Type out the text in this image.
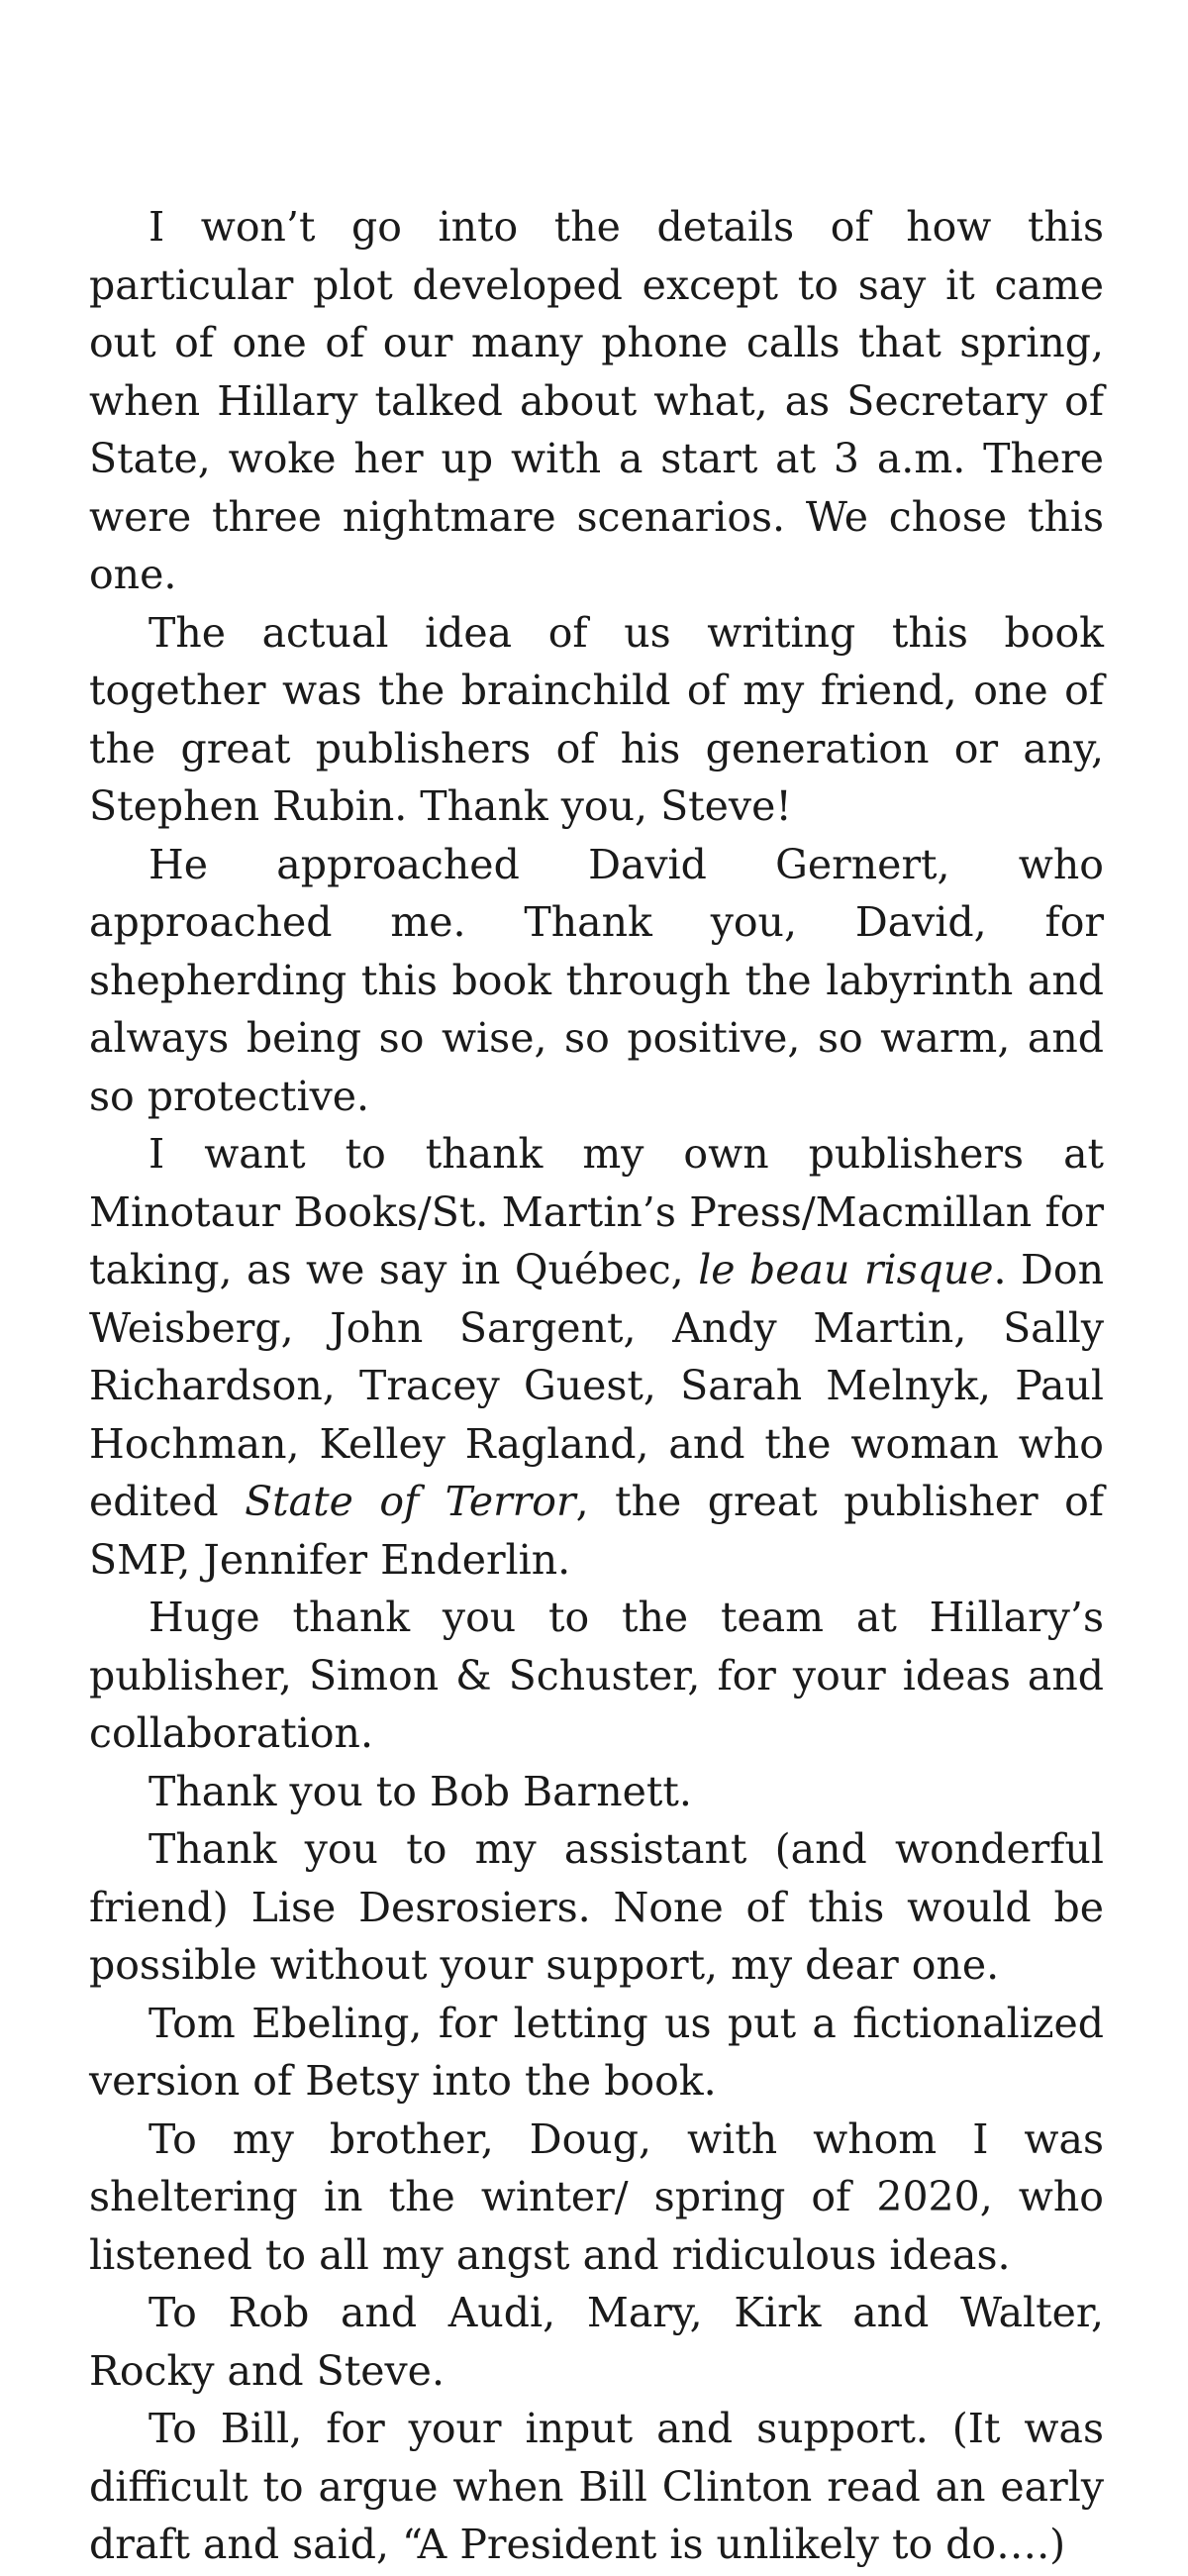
I won’t go into the details of how this particular plot developed except to say it came out of one of our many phone calls that spring, when Hillary talked about what, as Secretary of State, woke her up with a start at 3 a.m. There were three nightmare scenarios. We chose this one.

The actual idea of us writing this book together was the brainchild of my friend, one of the great publishers of his generation or any, Stephen Rubin. Thank you, Steve!

He approached David Gernert, who approached me. Thank you, David, for shepherding this book through the labyrinth and always being so wise, so positive, so warm, and so protective.

I want to thank my own publishers at Minotaur Books/St. Martin’s Press/Macmillan for taking, as we say in Québec, le beau risque. Don Weisberg, John Sargent, Andy Martin, Sally Richardson, Tracey Guest, Sarah Melnyk, Paul Hochman, Kelley Ragland, and the woman who edited State of Terror, the great publisher of SMP, Jennifer Enderlin.

Huge thank you to the team at Hillary’s publisher, Simon & Schuster, for your ideas and collaboration.

Thank you to Bob Barnett.

Thank you to my assistant (and wonderful friend) Lise Desrosiers. None of this would be possible without your support, my dear one.

Tom Ebeling, for letting us put a fictionalized version of Betsy into the book.

To my brother, Doug, with whom I was sheltering in the winter/ spring of 2020, who listened to all my angst and ridiculous ideas.

To Rob and Audi, Mary, Kirk and Walter, Rocky and Steve.

To Bill, for your input and support. (It was difficult to argue when Bill Clinton read an early draft and said, “A President is unlikely to do….)
